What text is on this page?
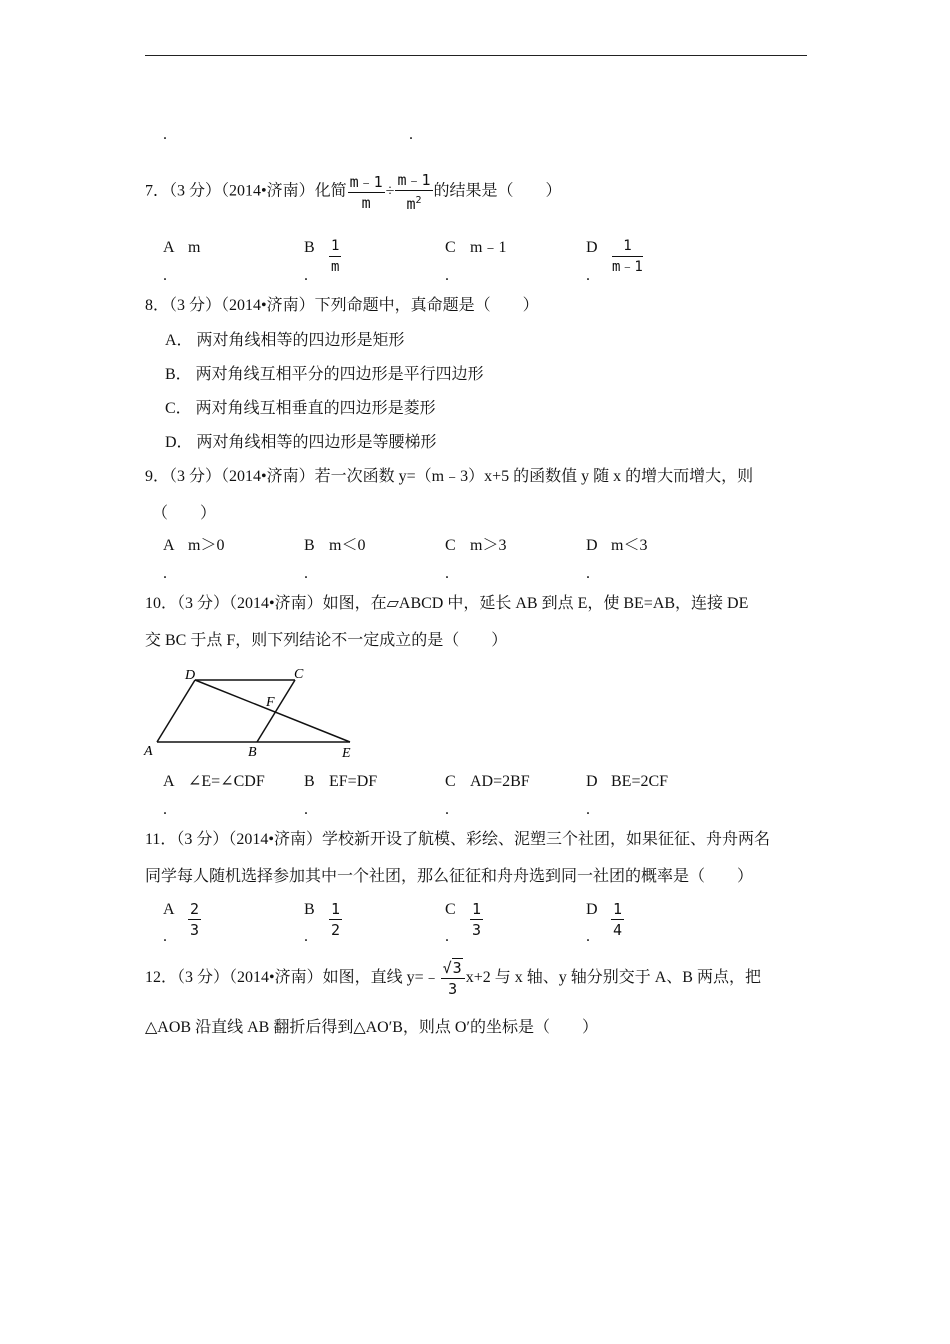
.	.
7．（3 分）（2014•济南）化简 $\frac{m﹣1}{m} \div \frac{m﹣1}{m^2}$ 的结果是（　　）
A m	B $\frac{1}{m}$	C m﹣1	D $\frac{1}{m﹣1}$
.	.	.	.
8．（3 分）（2014•济南）下列命题中，真命题是（　　）
A． 两对角线相等的四边形是矩形
B． 两对角线互相平分的四边形是平行四边形
C． 两对角线互相垂直的四边形是菱形
D． 两对角线相等的四边形是等腰梯形
9．（3 分）（2014•济南）若一次函数 y=（m﹣3）x+5 的函数值 y 随 x 的增大而增大，则
（　　）
A m＞0	B m＜0	C m＞3	D m＜3
.	.	.	.
10．（3 分）（2014•济南）如图，在▱ABCD 中，延长 AB 到点 E，使 BE=AB，连接 DE
交 BC 于点 F，则下列结论不一定成立的是（　　）
D	C
F
A	B	E
A ∠E=∠CDF B EF=DF	C AD=2BF	D BE=2CF
.	.	.	.
11．（3 分）（2014•济南）学校新开设了航模、彩绘、泥塑三个社团，如果征征、舟舟两名
同学每人随机选择参加其中一个社团，那么征征和舟舟选到同一社团的概率是（　　）
A $\frac{2}{3}$	B $\frac{1}{2}$	C $\frac{1}{3}$	D $\frac{1}{4}$
.	.	.	.
12．（3 分）（2014•济南）如图，直线 y=﹣ $\frac{√3}{3} x+2$ 与 x 轴、y 轴分别交于 A、B 两点，把
△AOB 沿直线 AB 翻折后得到△AO′B，则点 O′的坐标是（　　）
